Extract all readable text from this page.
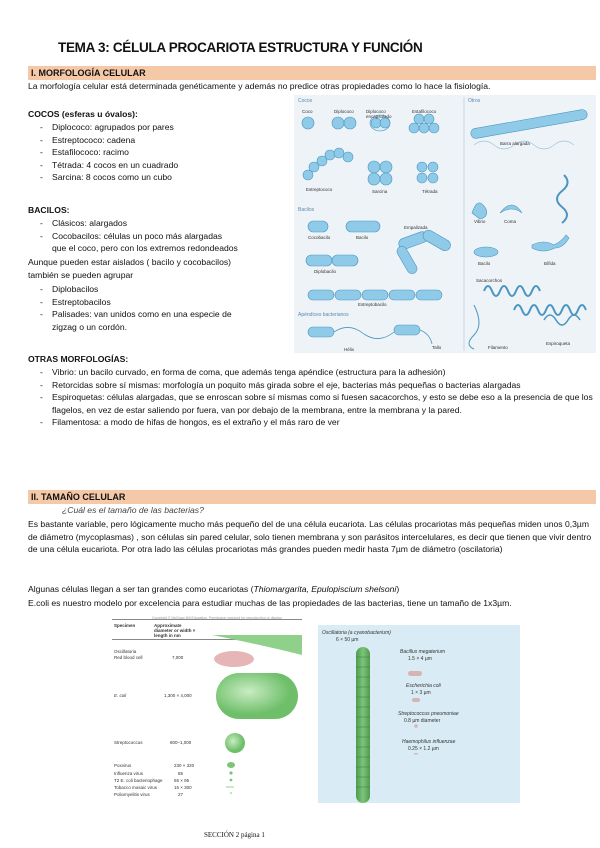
TEMA 3: CÉLULA PROCARIOTA ESTRUCTURA Y FUNCIÓN
I. MORFOLOGÍA CELULAR
La morfología celular está determinada genéticamente y además no predice otras propiedades como lo hace la fisiología.
COCOS (esferas u óvalos):
- Diplococo: agrupados por pares
- Estreptococo: cadena
- Estafilococo: racimo
- Tétrada: 4 cocos en un cuadrado
- Sarcina: 8 cocos como un cubo
BACILOS:
- Clásicos: alargados
- Cocobacilos: células un poco más alargadas
que el coco, pero con los extremos redondeados
Aunque pueden estar aislados ( bacilo y cocobacilos)
también se pueden agrupar
- Diplobacilos
- Estreptobacilos
- Palisades: van unidos como en una especie de
zigzag o un cordón.
Cocos	Otros
Bacilos
Apéndices bacterianos
Coco	Diplococo	Diplococo encapsulado
Estafilococo
Estreptococo	Sarcina	Tétrada
Barra alargada
Vibrio	Coma
Bacilo	Bífida
Cocobacilo	Bacilo
Empalizada
Diplobacilo
Estreptobacilo
Sacacorchos
Hélix	Tallo	Filamento
Espiroqueta
OTRAS MORFOLOGÍAS:
- Vibrio: un bacilo curvado, en forma de coma, que además tenga apéndice (estructura para la adhesión)
- Retorcidas sobre sí mismas: morfología un poquito más girada sobre el eje, bacterias más pequeñas o bacterias alargadas
- Espiroquetas: células alargadas, que se enroscan sobre sí mismas como si fuesen sacacorchos, y esto se debe eso a la presencia de que los flagelos, en vez de estar saliendo por fuera, van por debajo de la membrana, entre la membrana y la pared.
- Filamentosa: a modo de hifas de hongos, es el extraño y el más raro de ver
II. TAMAÑO CELULAR
¿Cuál es el tamaño de las bacterias?
Es bastante variable, pero lógicamente mucho más pequeño del de una célula eucariota. Las células procariotas más pequeñas miden unos 0,3µm de diámetro (mycoplasmas) , son células sin pared celular, solo tienen membrana y son parásitos intercelulares, es decir que tienen que vivir dentro de una célula eucariota. Por otra lado las células procariotas más grandes pueden medir hasta 7µm de diámetro (oscilatoria)
Algunas células llegan a ser tan grandes como eucariotas (Thiomargarita, Epulopiscium shelsoni)
E.coli es nuestro modelo por excelencia para estudiar muchas de las propiedades de las bacterias, tiene un tamaño de 1x3µm.
Copyright © McGraw-Hill Education. Permission required for reproduction or display.
Specimen	Approximate diameter or width × length in nm
Oscillatoria
Red blood cell	7,000
E. coli	1,300 × 4,000
Streptococcus	800–1,000
Poxvirus	230 × 320
Influenza virus	85
T2 E. coli bacteriophage	65 × 95
Tobacco mosaic virus	15 × 300
Poliomyelitis virus	27
Oscillatoria (a cyanobacterium)
6 × 50 µm
Bacillus megaterium
1.5 × 4 µm
Escherichia coli
1 × 3 µm
Streptococcus pneumoniae
0.8 µm diameter
Haemophilus influenzae
0.25 × 1.2 µm
SECCIÓN 2 página 1
